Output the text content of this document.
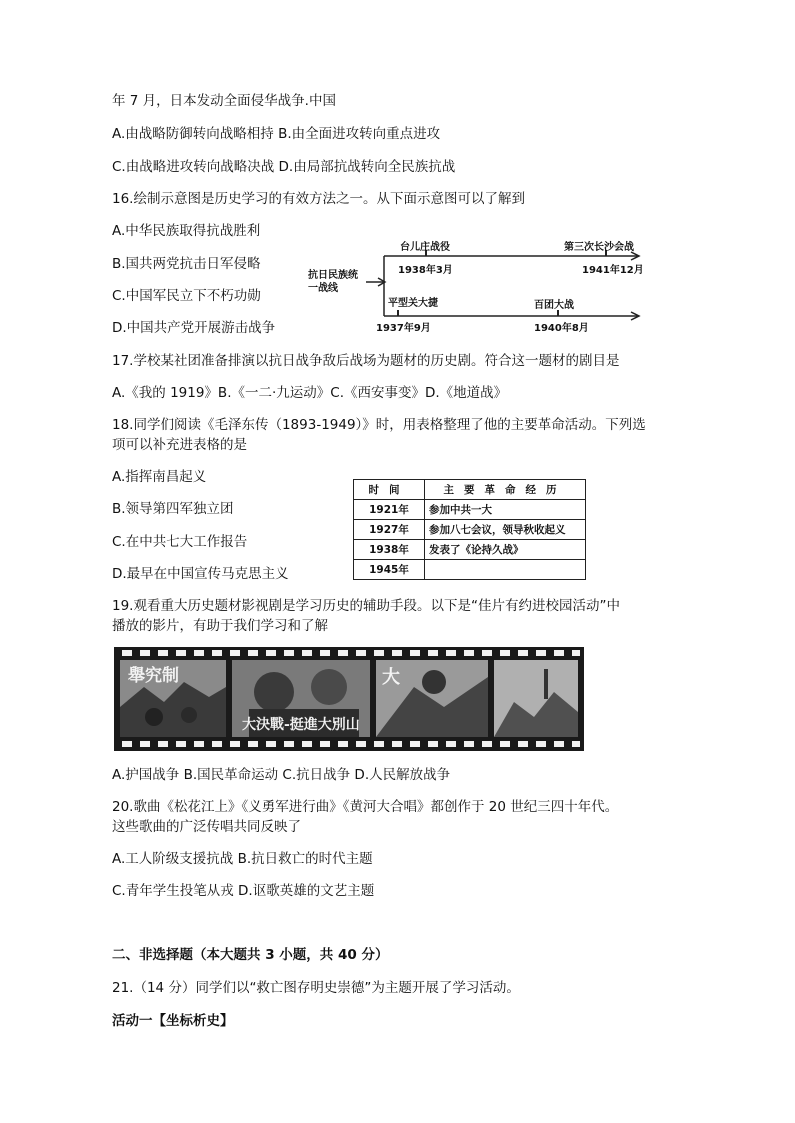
年 7 月，日本发动全面侵华战争.中国
A.由战略防御转向战略相持 B.由全面进攻转向重点进攻
C.由战略进攻转向战略决战 D.由局部抗战转向全民族抗战
16.绘制示意图是历史学习的有效方法之一。从下面示意图可以了解到
A.中华民族取得抗战胜利
B.国共两党抗击日军侵略
C.中国军民立下不朽功勋
D.中国共产党开展游击战争
抗日民族统一战线
台儿庄战役
1938年3月
第三次长沙会战
1941年12月
平型关大捷
1937年9月
百团大战
1940年8月
17.学校某社团准备排演以抗日战争敌后战场为题材的历史剧。符合这一题材的剧目是
A.《我的 1919》B.《一二·九运动》C.《西安事变》D.《地道战》
18.同学们阅读《毛泽东传（1893-1949）》时，用表格整理了他的主要革命活动。下列选
项可以补充进表格的是
A.指挥南昌起义
B.领导第四军独立团
C.在中共七大工作报告
D.最早在中国宣传马克思主义
时间	主要革命经历
1921年	参加中共一大
1927年	参加八七会议，领导秋收起义
1938年	发表了《论持久战》
1945年	
19.观看重大历史题材影视剧是学习历史的辅助手段。以下是“佳片有约进校园活动”中
播放的影片，有助于我们学习和了解
舉究制
大決戰-挺進大別山
大
A.护国战争 B.国民革命运动 C.抗日战争 D.人民解放战争
20.歌曲《松花江上》《义勇军进行曲》《黄河大合唱》都创作于 20 世纪三四十年代。
这些歌曲的广泛传唱共同反映了
A.工人阶级支援抗战 B.抗日救亡的时代主题
C.青年学生投笔从戎 D.讴歌英雄的文艺主题
二、非选择题（本大题共 3 小题，共 40 分）
21.（14 分）同学们以“救亡图存明史崇德”为主题开展了学习活动。
活动一【坐标析史】
